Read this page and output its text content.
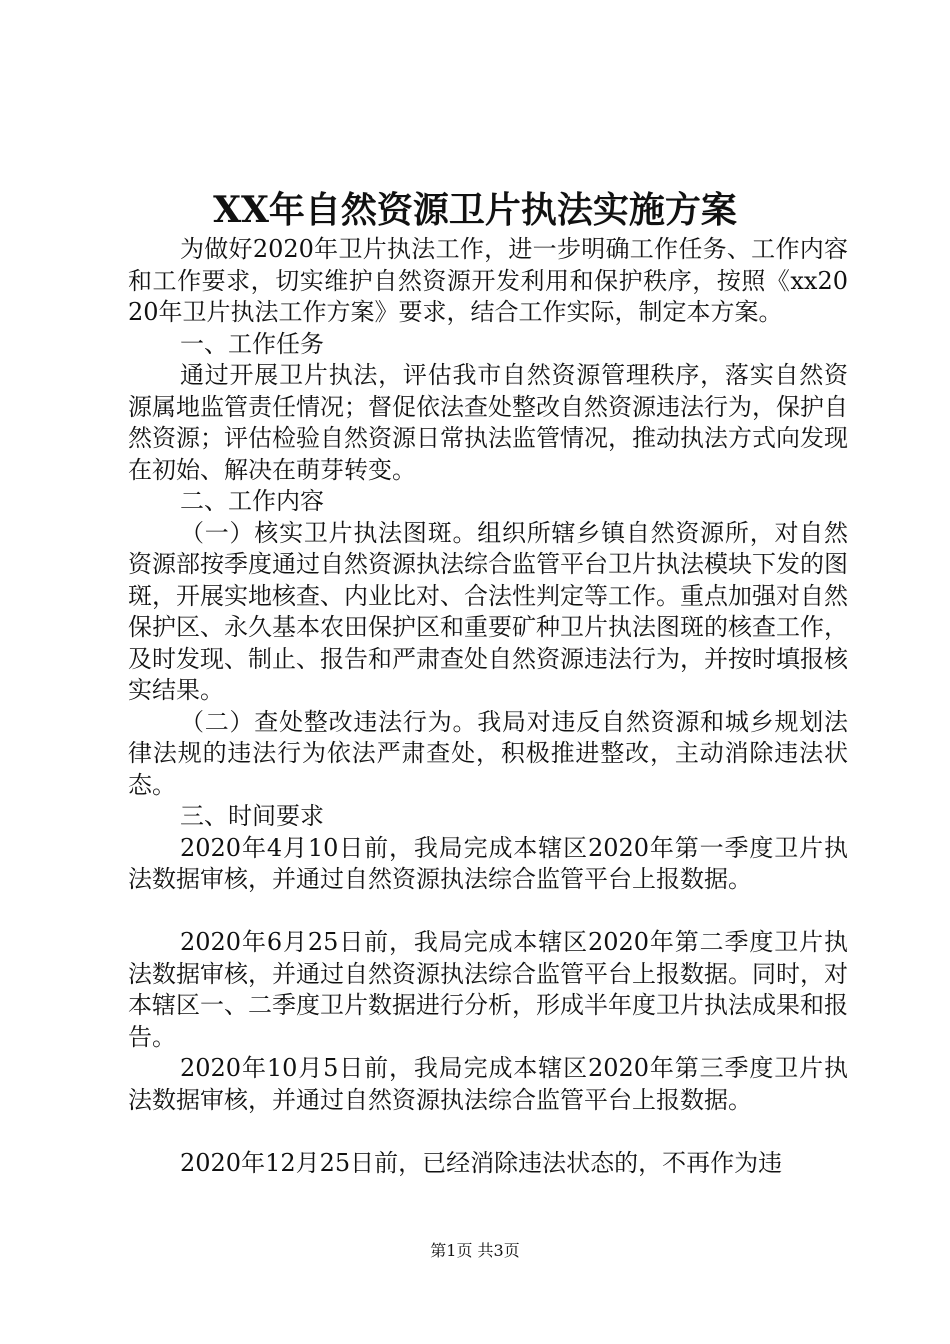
XX年自然资源卫片执法实施方案

为做好2020年卫片执法工作，进一步明确工作任务、工作内容和工作要求，切实维护自然资源开发利用和保护秩序，按照《xx2020年卫片执法工作方案》要求，结合工作实际，制定本方案。

一、工作任务

通过开展卫片执法，评估我市自然资源管理秩序，落实自然资源属地监管责任情况；督促依法查处整改自然资源违法行为，保护自然资源；评估检验自然资源日常执法监管情况，推动执法方式向发现在初始、解决在萌芽转变。

二、工作内容

（一）核实卫片执法图斑。组织所辖乡镇自然资源所，对自然资源部按季度通过自然资源执法综合监管平台卫片执法模块下发的图斑，开展实地核查、内业比对、合法性判定等工作。重点加强对自然保护区、永久基本农田保护区和重要矿种卫片执法图斑的核查工作，及时发现、制止、报告和严肃查处自然资源违法行为，并按时填报核实结果。

（二）查处整改违法行为。我局对违反自然资源和城乡规划法律法规的违法行为依法严肃查处，积极推进整改，主动消除违法状态。

三、时间要求

2020年4月10日前，我局完成本辖区2020年第一季度卫片执法数据审核，并通过自然资源执法综合监管平台上报数据。

2020年6月25日前，我局完成本辖区2020年第二季度卫片执法数据审核，并通过自然资源执法综合监管平台上报数据。同时，对本辖区一、二季度卫片数据进行分析，形成半年度卫片执法成果和报告。

2020年10月5日前，我局完成本辖区2020年第三季度卫片执法数据审核，并通过自然资源执法综合监管平台上报数据。

2020年12月25日前，已经消除违法状态的，不再作为违

第1页 共3页
